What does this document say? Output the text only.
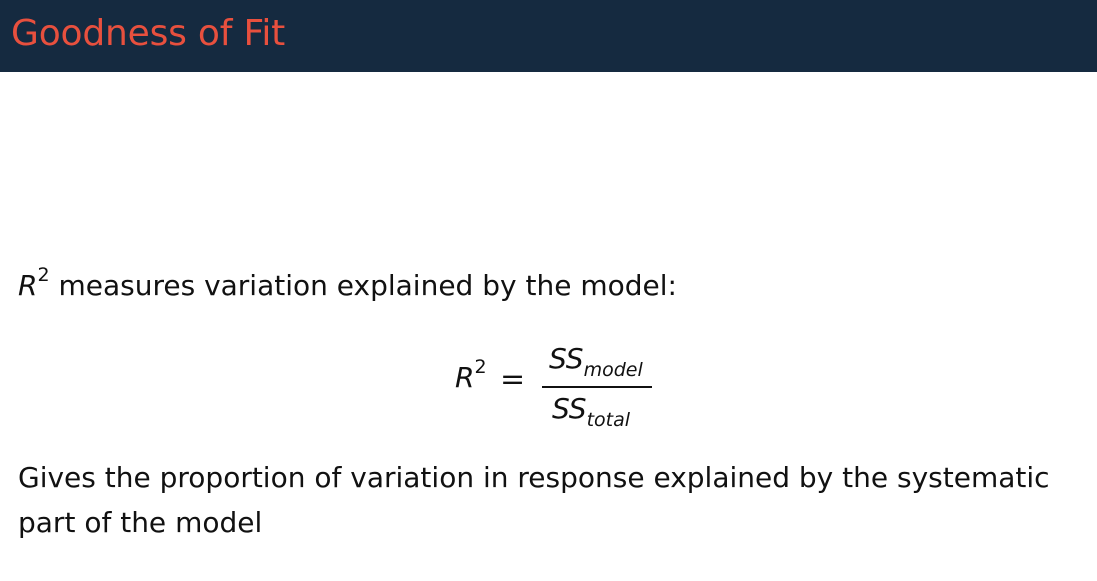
Goodness of Fit
$R^2$ measures variation explained by the model:
$R^2$ =
$SS_{model}$
$SS_{total}$
Gives the proportion of variation in response explained by the systematic part of the model
